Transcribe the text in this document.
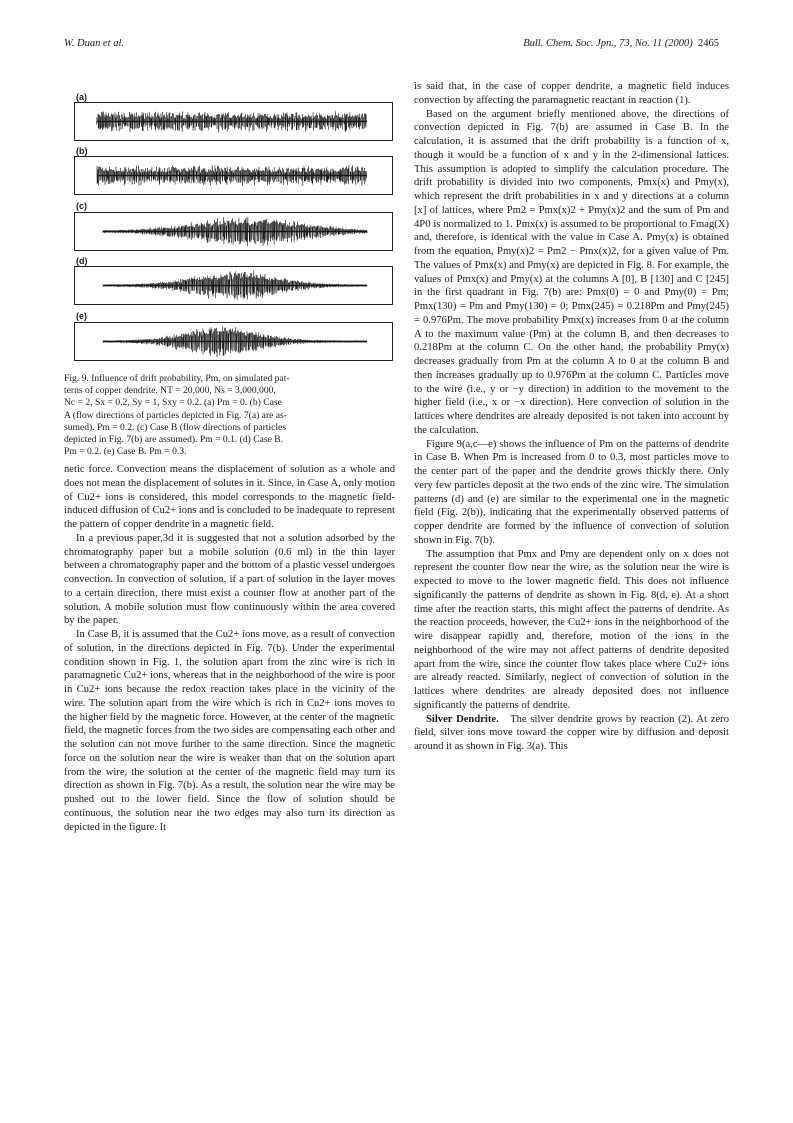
W. Duan et al.	Bull. Chem. Soc. Jpn., 73, No. 11 (2000) 2465
(a)
(b)
(c)
(d)
(e)

Fig. 9. Influence of drift probability, Pm, on simulated pat-

terns of copper dendrite. NT = 20,000, Ns = 3,000,000,

Nc = 2, Sx = 0.2, Sy = 1, Sxy = 0.2. (a) Pm = 0. (b) Case

A (flow directions of particles depicted in Fig. 7(a) are as-

sumed). Pm = 0.2. (c) Case B (flow directions of particles

depicted in Fig. 7(b) are assumed). Pm = 0.1. (d) Case B.

Pm = 0.2. (e) Case B. Pm = 0.3.

netic force. Convection means the displacement of solution as a whole and does not mean the displacement of solutes in it. Since, in Case A, only motion of Cu2+ ions is considered, this model corresponds to the magnetic field-induced diffusion of Cu2+ ions and is concluded to be inadequate to represent the pattern of copper dendrite in a magnetic field.

In a previous paper,3d it is suggested that not a solution adsorbed by the chromatography paper but a mobile solution (0.6 ml) in the thin layer between a chromatography paper and the bottom of a plastic vessel undergoes convection. In convection of solution, if a part of solution in the layer moves to a certain direction, there must exist a counter flow at another part of the solution. A mobile solution must flow continuously within the area covered by the paper.

In Case B, it is assumed that the Cu2+ ions move, as a result of convection of solution, in the directions depicted in Fig. 7(b). Under the experimental condition shown in Fig. 1, the solution apart from the zinc wire is rich in paramagnetic Cu2+ ions, whereas that in the neighborhood of the wire is poor in Cu2+ ions because the redox reaction takes place in the vicinity of the wire. The solution apart from the wire which is rich in Cu2+ ions moves to the higher field by the magnetic force. However, at the center of the magnetic field, the magnetic forces from the two sides are compensating each other and the solution can not move further to the same direction. Since the magnetic force on the solution near the wire is weaker than that on the solution apart from the wire, the solution at the center of the magnetic field may turn its direction as shown in Fig. 7(b). As a result, the solution near the wire may be pushed out to the lower field. Since the flow of solution should be continuous, the solution near the two edges may also turn its direction as depicted in the figure. It

is said that, in the case of copper dendrite, a magnetic field induces convection by affecting the paramagnetic reactant in reaction (1).

Based on the argument briefly mentioned above, the directions of convection depicted in Fig. 7(b) are assumed in Case B. In the calculation, it is assumed that the drift probability is a function of x, though it would be a function of x and y in the 2-dimensional lattices. This assumption is adopted to simplify the calculation procedure. The drift probability is divided into two components, Pmx(x) and Pmy(x), which represent the drift probabilities in x and y directions at a column [x] of lattices, where Pm2 = Pmx(x)2 + Pmy(x)2 and the sum of Pm and 4P0 is normalized to 1. Pmx(x) is assumed to be proportional to Fmag(X) and, therefore, is identical with the value in Case A. Pmy(x) is obtained from the equation, Pmy(x)2 = Pm2 − Pmx(x)2, for a given value of Pm. The values of Pmx(x) and Pmy(x) are depicted in Fig. 8. For example, the values of Pmx(x) and Pmy(x) at the columns A [0], B [130] and C [245] in the first quadrant in Fig. 7(b) are: Pmx(0) = 0 and Pmy(0) = Pm; Pmx(130) = Pm and Pmy(130) = 0; Pmx(245) = 0.218Pm and Pmy(245) = 0.976Pm. The move probability Pmx(x) increases from 0 at the column A to the maximum value (Pm) at the column B, and then decreases to 0.218Pm at the column C. On the other hand, the probability Pmy(x) decreases gradually from Pm at the column A to 0 at the column B and then increases gradually up to 0.976Pm at the column C. Particles move to the wire (i.e., y or −y direction) in addition to the movement to the higher field (i.e., x or −x direction). Here convection of solution in the lattices where dendrites are already deposited is not taken into account by the calculation.

Figure 9(a,c—e) shows the influence of Pm on the patterns of dendrite in Case B. When Pm is increased from 0 to 0.3, most particles move to the center part of the paper and the dendrite grows thickly there. Only very few particles deposit at the two ends of the zinc wire. The simulation patterns (d) and (e) are similar to the experimental one in the magnetic field (Fig. 2(b)), indicating that the experimentally observed patterns of copper dendrite are formed by the influence of convection of solution shown in Fig. 7(b).

The assumption that Pmx and Pmy are dependent only on x does not represent the counter flow near the wire, as the solution near the wire is expected to move to the lower magnetic field. This does not influence significantly the patterns of dendrite as shown in Fig. 8(d, e). At a short time after the reaction starts, this might affect the patterns of dendrite. As the reaction proceeds, however, the Cu2+ ions in the neighborhood of the wire disappear rapidly and, therefore, motion of the ions in the neighborhood of the wire may not affect patterns of dendrite deposited apart from the wire, since the counter flow takes place where Cu2+ ions are already reacted. Similarly, neglect of convection of solution in the lattices where dendrites are already deposited does not influence significantly the patterns of dendrite.

Silver Dendrite. The silver dendrite grows by reaction (2). At zero field, silver ions move toward the copper wire by diffusion and deposit around it as shown in Fig. 3(a). This
